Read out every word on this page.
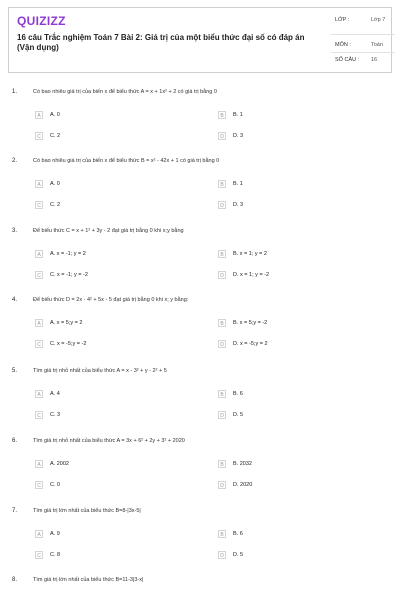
QUIZIZZ
16 câu Trắc nghiệm Toán 7 Bài 2: Giá trị của một biểu thức đại số có đáp án (Vận dụng)
LỚP :	Lớp 7
MÔN :	Toán
SỐ CÂU : 16
1.	Có bao nhiêu giá trị của biến x để biểu thức A = x + 1x² + 2 có giá trị bằng 0
A	A. 0	B	B. 1
C	C. 2	D	D. 3
2.	Có bao nhiêu giá trị của biến x để biểu thức B = x² - 42x + 1 có giá trị bằng 0
A	A. 0	B	B. 1
C	C. 2	D	D. 3
3.	Để biểu thức C = x + 1² + 3y - 2 đạt giá trị bằng 0 khi x;y bằng
A	A. x = -1; y = 2	B	B. x = 1; y = 2
C	C. x = -1; y = -2	D	D. x = 1; y = -2
4.	Để biểu thức D = 2x - 4² + 5x - 5 đạt giá trị bằng 0 khi x; y bằng:
A	A. x = 5;y = 2	B	B. x = 5;y = -2
C	C. x = -5;y = -2	D	D. x = -5;y = 2
5.	Tìm giá trị nhỏ nhất của biểu thức A = x - 3² + y - 2² + 5
A	A. 4	B	B. 6
C	C. 3	D	D. 5
6.	Tìm giá trị nhỏ nhất của biểu thức A = 3x + 6² + 2y + 3² + 2020
A	A. 2002	B	B. 2032
C	C. 0	D	D. 2020
7.	Tìm giá trị lớn nhất của biểu thức B=8-|3x-5|
A	A. 9	B	B. 6
C	C. 8	D	D. 5
8.	Tìm giá trị lớn nhất của biểu thức B=11-3|3-x|
